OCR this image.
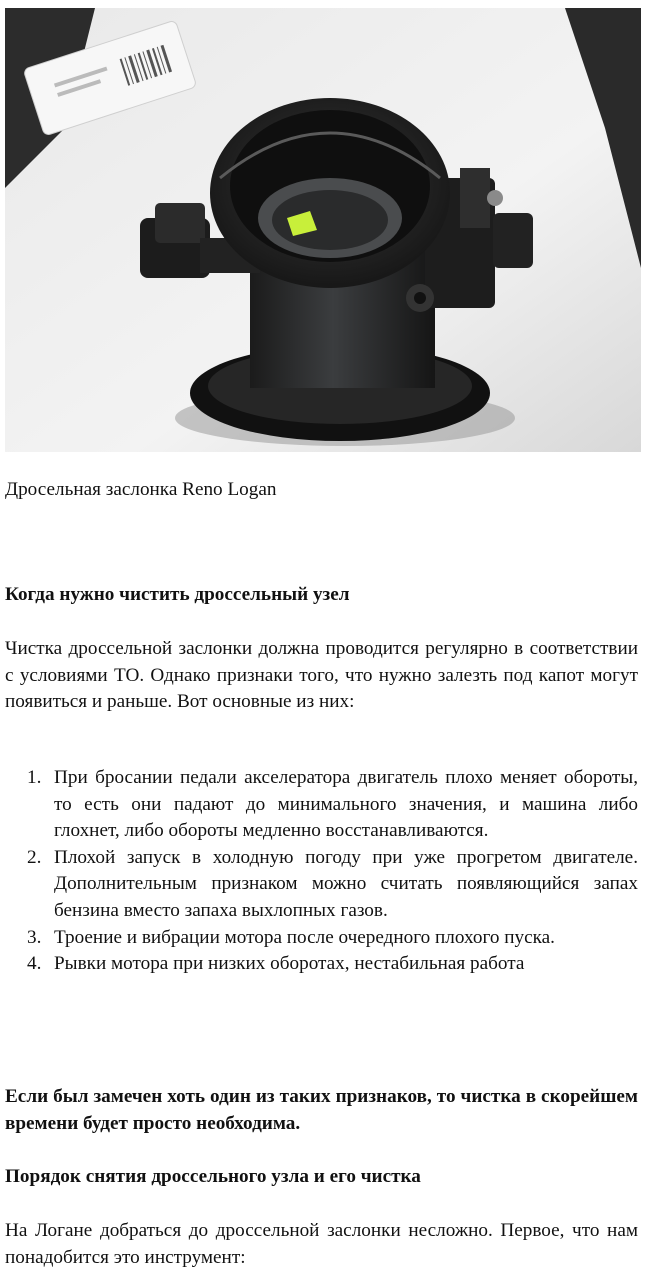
Дросельная заслонка Reno Logan
Когда нужно чистить дроссельный узел
Чистка дроссельной заслонки должна проводится регулярно в соответствии с условиями ТО. Однако признаки того, что нужно залезть под капот могут появиться и раньше. Вот основные из них:
1. При бросании педали акселератора двигатель плохо меняет обороты, то есть они падают до минимального значения, и машина либо глохнет, либо обороты медленно восстанавливаются.
2. Плохой запуск в холодную погоду при уже прогретом двигателе. Дополнительным признаком можно считать появляющийся запах бензина вместо запаха выхлопных газов.
3. Троение и вибрации мотора после очередного плохого пуска.
4. Рывки мотора при низких оборотах, нестабильная работа
Если был замечен хоть один из таких признаков, то чистка в скорейшем времени будет просто необходима.
Порядок снятия дроссельного узла и его чистка
На Логане добраться до дроссельной заслонки несложно. Первое, что нам понадобится это инструмент:
